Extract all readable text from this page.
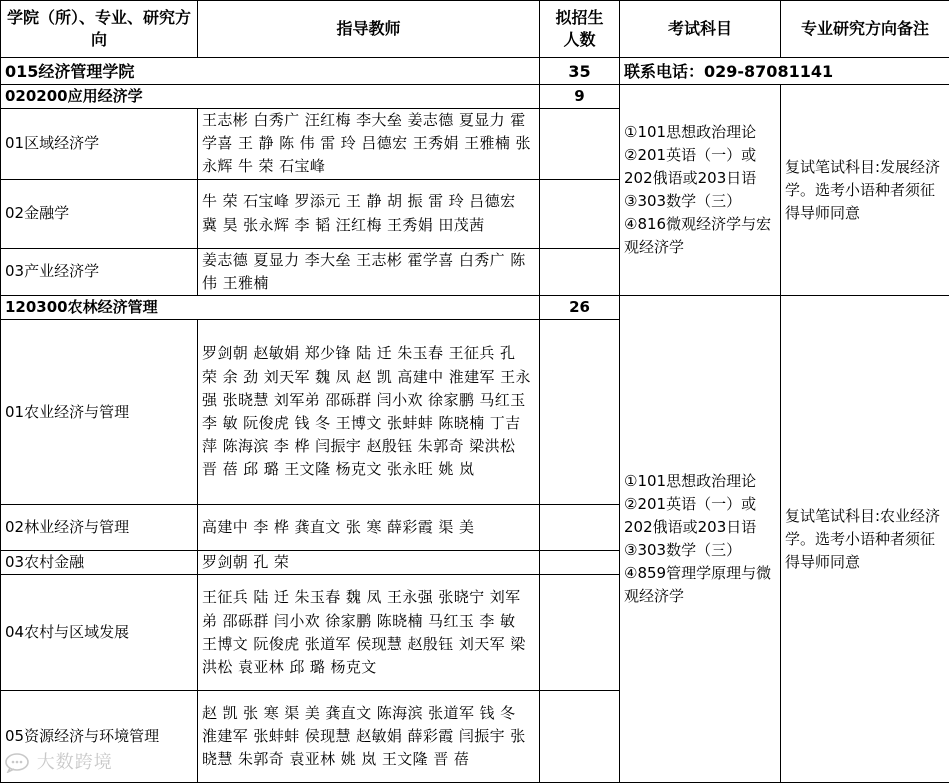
学院（所）、专业、研究方向	指导教师	拟招生人数	考试科目	专业研究方向备注
015经济管理学院		35	联系电话：029-87081141	
020200应用经济学		9	①101思想政治理论 ②201英语（一）或202俄语或203日语 ③303数学（三） ④816微观经济学与宏观经济学	复试笔试科目:发展经济学。选考小语种者须征得导师同意
01区域经济学	王志彬 白秀广 汪红梅 李大垒 姜志德 夏显力 霍学喜 王 静 陈 伟 雷 玲 吕德宏 王秀娟 王雅楠 张永辉 牛 荣 石宝峰			
02金融学	牛 荣 石宝峰 罗添元 王 静 胡 振 雷 玲 吕德宏 冀 昊 张永辉 李 韬 汪红梅 王秀娟 田茂茜			
03产业经济学	姜志德 夏显力 李大垒 王志彬 霍学喜 白秀广 陈 伟 王雅楠			
120300农林经济管理		26	①101思想政治理论 ②201英语（一）或202俄语或203日语 ③303数学（三） ④859管理学原理与微观经济学	复试笔试科目:农业经济学。选考小语种者须征得导师同意
01农业经济与管理	罗剑朝 赵敏娟 郑少锋 陆 迁 朱玉春 王征兵 孔 荣 余 劲 刘天军 魏 凤 赵 凯 高建中 淮建军 王永强 张晓慧 刘军弟 邵砾群 闫小欢 徐家鹏 马红玉 李 敏 阮俊虎 钱 冬 王博文 张蚌蚌 陈晓楠 丁吉萍 陈海滨 李 桦 闫振宇 赵殷钰 朱郭奇 梁洪松 晋 蓓 邱 璐 王文隆 杨克文 张永旺 姚 岚			
02林业经济与管理	高建中 李 桦 龚直文 张 寒 薛彩霞 渠 美			
03农村金融	罗剑朝 孔 荣			
04农村与区域发展	王征兵 陆 迁 朱玉春 魏 凤 王永强 张晓宁 刘军弟 邵砾群 闫小欢 徐家鹏 陈晓楠 马红玉 李 敏 王博文 阮俊虎 张道军 侯现慧 赵殷钰 刘天军 梁洪松 袁亚林 邱 璐 杨克文			
05资源经济与环境管理	赵 凯 张 寒 渠 美 龚直文 陈海滨 张道军 钱 冬 淮建军 张蚌蚌 侯现慧 赵敏娟 薛彩霞 闫振宇 张晓慧 朱郭奇 袁亚林 姚 岚 王文隆 晋 蓓			
大数跨境
